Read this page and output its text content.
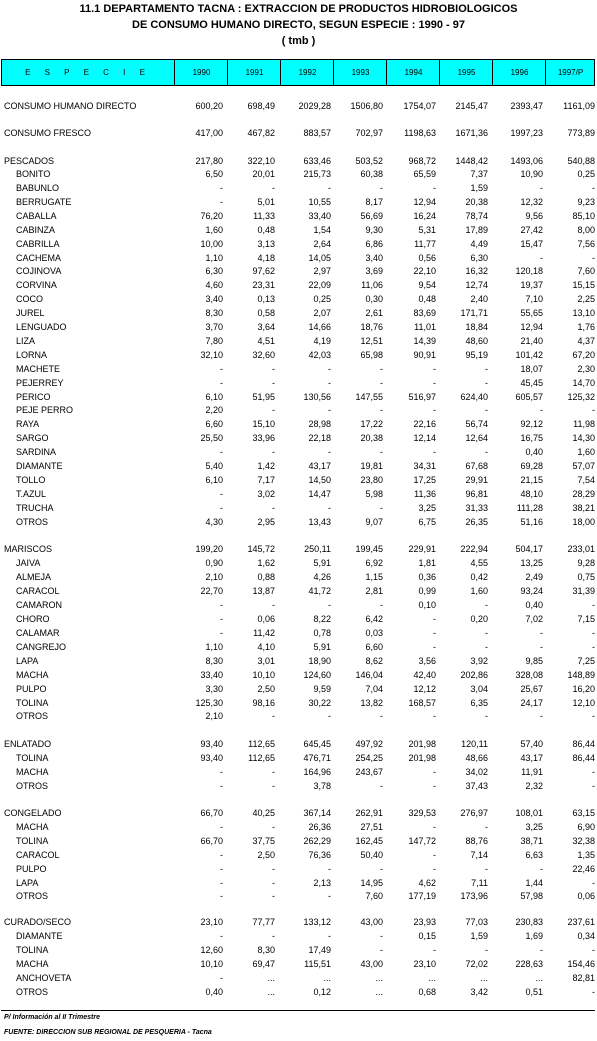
11.1 DEPARTAMENTO TACNA : EXTRACCION DE PRODUCTOS HIDROBIOLOGICOS
DE CONSUMO HUMANO DIRECTO, SEGUN ESPECIE : 1990 - 97
( tmb )
E S P E C I E	1990	1991	1992	1993	1994	1995	1996	1997/P
CONSUMO HUMANO DIRECTO	600,20	698,49	2029,28 1506,80 1754,07 2145,47 2393,47 1161,09
CONSUMO FRESCO	417,00	467,82	883,57	702,97 1198,63 1671,36 1997,23	773,89
PESCADOS	217,80	322,10	633,46	503,52	968,72 1448,42 1493,06	540,88
BONITO	6,50	20,01	215,73	60,38	65,59	7,37	10,90	0,25
BABUNLO	-	-	-	-	-	1,59	-	-
BERRUGATE	-	5,01	10,55	8,17	12,94	20,38	12,32	9,23
CABALLA	76,20	11,33	33,40	56,69	16,24	78,74	9,56	85,10
CABINZA	1,60	0,48	1,54	9,30	5,31	17,89	27,42	8,00
CABRILLA	10,00	3,13	2,64	6,86	11,77	4,49	15,47	7,56
CACHEMA	1,10	4,18	14,05	3,40	0,56	6,30	-	-
COJINOVA	6,30	97,62	2,97	3,69	22,10	16,32	120,18	7,60
CORVINA	4,60	23,31	22,09	11,06	9,54	12,74	19,37	15,15
COCO	3,40	0,13	0,25	0,30	0,48	2,40	7,10	2,25
JUREL	8,30	0,58	2,07	2,61	83,69	171,71	55,65	13,10
LENGUADO	3,70	3,64	14,66	18,76	11,01	18,84	12,94	1,76
LIZA	7,80	4,51	4,19	12,51	14,39	48,60	21,40	4,37
LORNA	32,10	32,60	42,03	65,98	90,91	95,19	101,42	67,20
MACHETE	-	-	-	-	-	-	18,07	2,30
PEJERREY	-	-	-	-	-	-	45,45	14,70
PERICO	6,10	51,95	130,56	147,55	516,97	624,40	605,57	125,32
PEJE PERRO	2,20	-	-	-	-	-	-	-
RAYA	6,60	15,10	28,98	17,22	22,16	56,74	92,12	11,98
SARGO	25,50	33,96	22,18	20,38	12,14	12,64	16,75	14,30
SARDINA	-	-	-	-	-	-	0,40	1,60
DIAMANTE	5,40	1,42	43,17	19,81	34,31	67,68	69,28	57,07
TOLLO	6,10	7,17	14,50	23,80	17,25	29,91	21,15	7,54
T.AZUL	-	3,02	14,47	5,98	11,36	96,81	48,10	28,29
TRUCHA	-	-	-	-	3,25	31,33	111,28	38,21
OTROS	4,30	2,95	13,43	9,07	6,75	26,35	51,16	18,00
MARISCOS	199,20	145,72	250,11	199,45	229,91	222,94	504,17	233,01
JAIVA	0,90	1,62	5,91	6,92	1,81	4,55	13,25	9,28
ALMEJA	2,10	0,88	4,26	1,15	0,36	0,42	2,49	0,75
CARACOL	22,70	13,87	41,72	2,81	0,99	1,60	93,24	31,39
CAMARON	-	-	-	-	0,10	-	0,40	-
CHORO	-	0,06	8,22	6,42	-	0,20	7,02	7,15
CALAMAR	-	11,42	0,78	0,03	-	-	-	-
CANGREJO	1,10	4,10	5,91	6,60	-	-	-	-
LAPA	8,30	3,01	18,90	8,62	3,56	3,92	9,85	7,25
MACHA	33,40	10,10	124,60	146,04	42,40	202,86	328,08	148,89
PULPO	3,30	2,50	9,59	7,04	12,12	3,04	25,67	16,20
TOLINA	125,30	98,16	30,22	13,82	168,57	6,35	24,17	12,10
OTROS	2,10	-	-	-	-	-	-	-
ENLATADO	93,40	112,65	645,45	497,92	201,98	120,11	57,40	86,44
TOLINA	93,40	112,65	476,71	254,25	201,98	48,66	43,17	86,44
MACHA	-	-	164,96	243,67	-	34,02	11,91	-
OTROS	-	-	3,78	-	-	37,43	2,32	-
CONGELADO	66,70	40,25	367,14	262,91	329,53	276,97	108,01	63,15
MACHA	-	-	26,36	27,51	-	-	3,25	6,90
TOLINA	66,70	37,75	262,29	162,45	147,72	88,76	38,71	32,38
CARACOL	-	2,50	76,36	50,40	-	7,14	6,63	1,35
PULPO	-	-	-	-	-	-	-	22,46
LAPA	-	-	2,13	14,95	4,62	7,11	1,44	-
OTROS	-	-	-	7,60	177,19	173,96	57,98	0,06
CURADO/SECO	23,10	77,77	133,12	43,00	23,93	77,03	230,83	237,61
DIAMANTE	-	-	-	-	0,15	1,59	1,69	0,34
TOLINA	12,60	8,30	17,49	-	-	-	-	-
MACHA	10,10	69,47	115,51	43,00	23,10	72,02	228,63	154,46
ANCHOVETA	-	...	...	...	...	...	...	82,81
OTROS	0,40	...	0,12	...	0,68	3,42	0,51	-
P/ Información al II Trimestre
FUENTE: DIRECCION SUB REGIONAL DE PESQUERIA - Tacna
